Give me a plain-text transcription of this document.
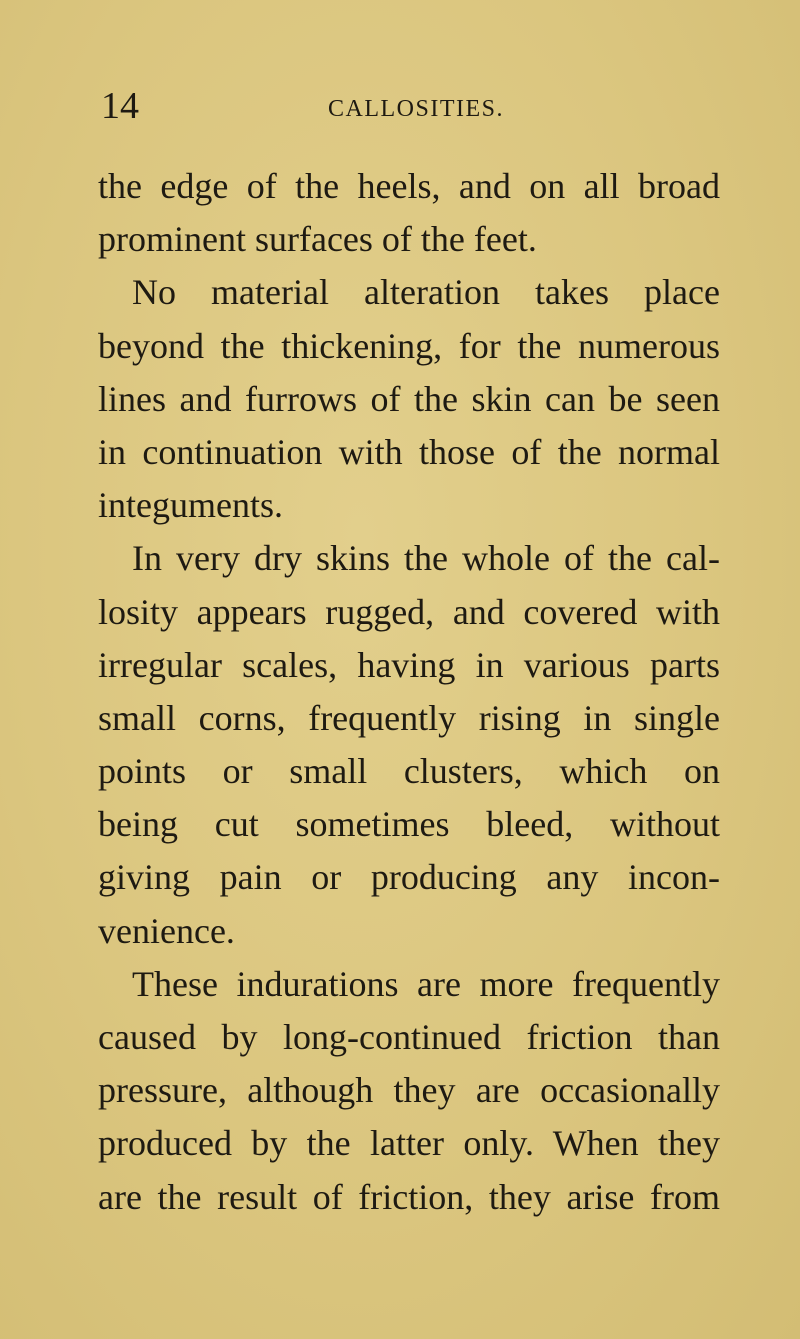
14	CALLOSITIES.
the edge of the heels, and on all broad
prominent surfaces of the feet.
No material alteration takes place
beyond the thickening, for the numerous
lines and furrows of the skin can be seen
in continuation with those of the normal
integuments.
In very dry skins the whole of the cal-
losity appears rugged, and covered with
irregular scales, having in various parts
small corns, frequently rising in single
points or small clusters, which on
being cut sometimes bleed, without
giving pain or producing any incon-
venience.
These indurations are more frequently
caused by long-continued friction than
pressure, although they are occasionally
produced by the latter only. When they
are the result of friction, they arise from
